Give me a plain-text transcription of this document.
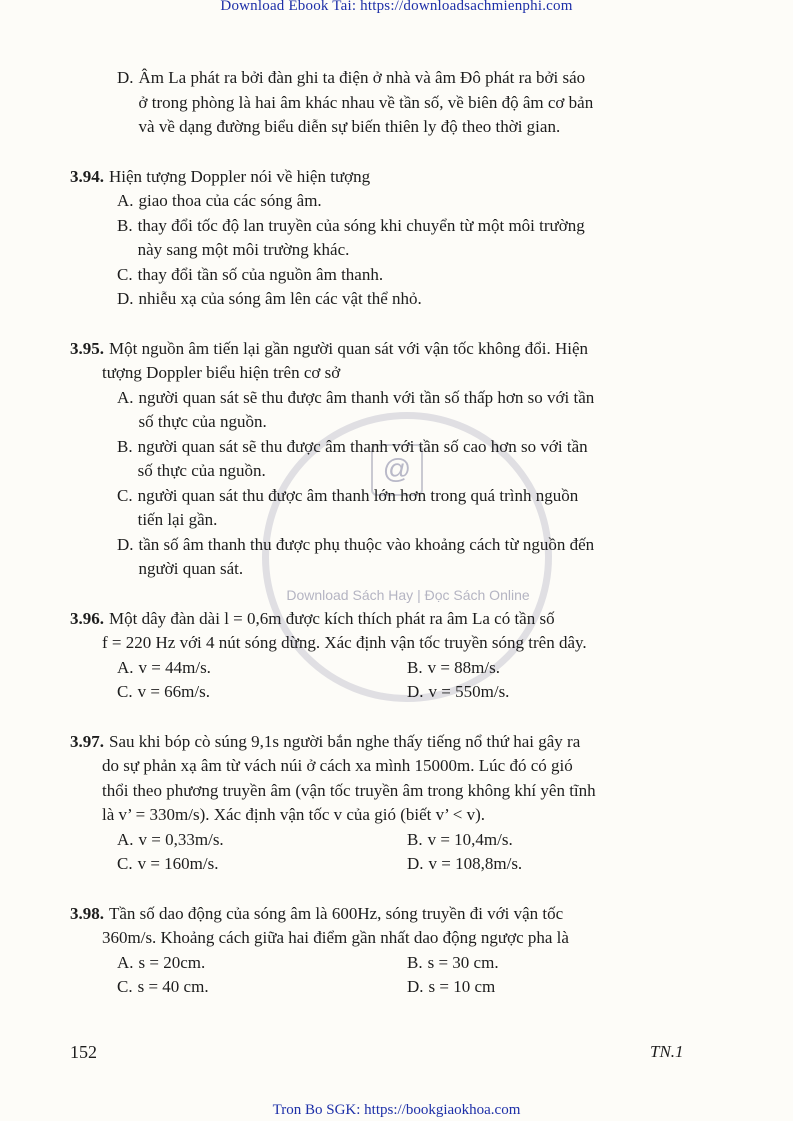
Download Ebook Tai: https://downloadsachmienphi.com
@
Download Sách Hay | Đọc Sách Online
D. Âm La phát ra bởi đàn ghi ta điện ở nhà và âm Đô phát ra bởi sáo
ở trong phòng là hai âm khác nhau về tần số, về biên độ âm cơ bản
và về dạng đường biểu diễn sự biến thiên ly độ theo thời gian.
3.94. Hiện tượng Doppler nói về hiện tượng
A. giao thoa của các sóng âm.
B. thay đổi tốc độ lan truyền của sóng khi chuyển từ một môi trường
này sang một môi trường khác.
C. thay đổi tần số của nguồn âm thanh.
D. nhiễu xạ của sóng âm lên các vật thể nhỏ.
3.95. Một nguồn âm tiến lại gần người quan sát với vận tốc không đổi. Hiện
tượng Doppler biểu hiện trên cơ sở
A. người quan sát sẽ thu được âm thanh với tần số thấp hơn so với tần
số thực của nguồn.
B. người quan sát sẽ thu được âm thanh với tần số cao hơn so với tần
số thực của nguồn.
C. người quan sát thu được âm thanh lớn hơn trong quá trình nguồn
tiến lại gần.
D. tần số âm thanh thu được phụ thuộc vào khoảng cách từ nguồn đến
người quan sát.
3.96. Một dây đàn dài l = 0,6m được kích thích phát ra âm La có tần số
f = 220 Hz với 4 nút sóng dừng. Xác định vận tốc truyền sóng trên dây.
A. v = 44m/s.	B. v = 88m/s.
C. v = 66m/s.	D. v = 550m/s.
3.97. Sau khi bóp cò súng 9,1s người bắn nghe thấy tiếng nổ thứ hai gây ra
do sự phản xạ âm từ vách núi ở cách xa mình 15000m. Lúc đó có gió
thổi theo phương truyền âm (vận tốc truyền âm trong không khí yên tĩnh
là v’ = 330m/s). Xác định vận tốc v của gió (biết v’ < v).
A. v = 0,33m/s.	B. v = 10,4m/s.
C. v = 160m/s.	D. v = 108,8m/s.
3.98. Tần số dao động của sóng âm là 600Hz, sóng truyền đi với vận tốc
360m/s. Khoảng cách giữa hai điểm gần nhất dao động ngược pha là
A. s = 20cm.	B. s = 30 cm.
C. s = 40 cm.	D. s = 10 cm
152	TN.1
Tron Bo SGK: https://bookgiaokhoa.com
